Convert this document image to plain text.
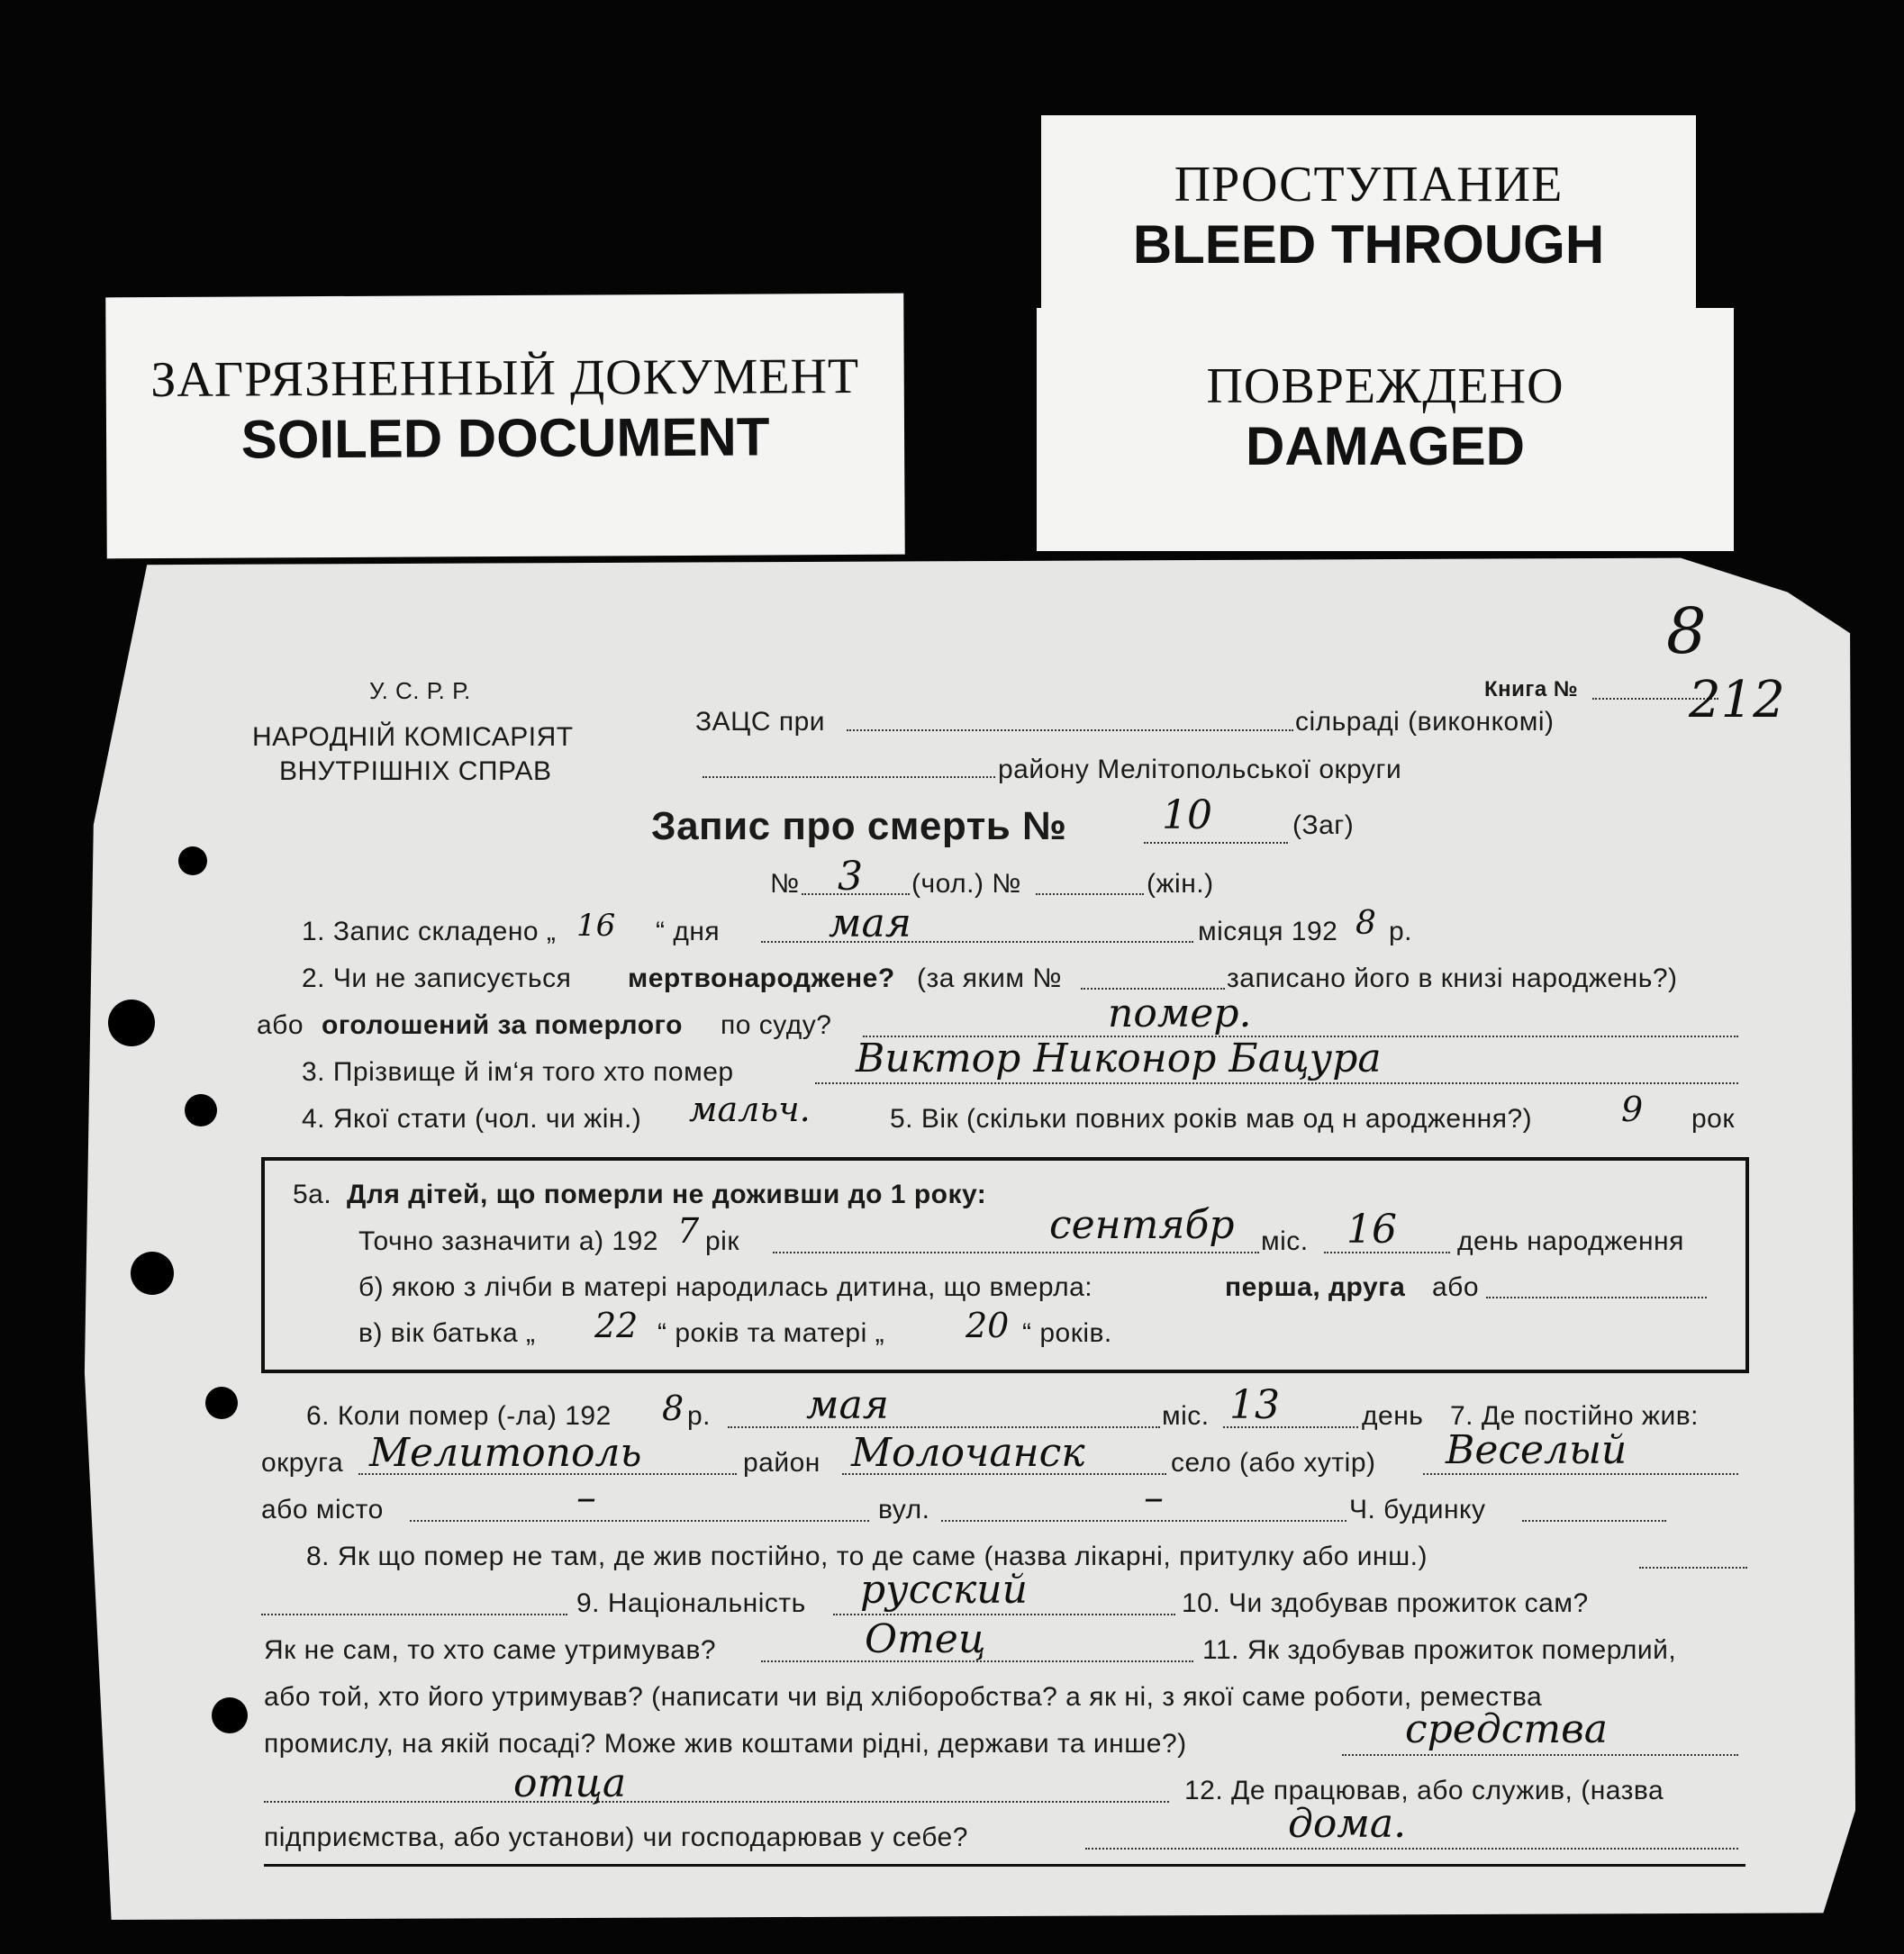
ЗАГРЯЗНЕННЫЙ ДОКУМЕНТ
SOILED DOCUMENT
ПРОСТУПАНИЕ
BLEED THROUGH
ПОВРЕЖДЕНО
DAMAGED
У. С. Р. Р.
НАРОДНІЙ КОМІСАРІЯТ
ВНУТРІШНІХ СПРАВ
ЗАЦС при	сільраді (виконкомі)
району Мелітопольської округи
Книга №
8
212
Запис про смерть № 10	(Заг)
№ 3 (чол.) №	(жін.)
1. Запис складено „ 16 “ дня	мая	місяця 192 8 р.
2. Чи не записується мертвонароджене? (за яким №	записано його в книзі народжень?)
або оголошений за померлого по суду?	помер.
3. Прізвище й ім‘я того хто помер	Виктор Никонор Бацура
4. Якої стати (чол. чи жін.) мальч.	5. Вік (скільки повних років мав од н ародження?)	9 рок
5а. Для дітей, що померли не доживши до 1 року:
Точно зазначити а) 192 7 рік	сентябр міс. 16 день народження
б) якою з лічби в матері народилась дитина, що вмерла:	перша, друга або
в) вік батька „ 22 “ років та матері „ 20 “ років.
6. Коли помер (-ла) 192 8 р. мая	міс. 13	день 7. Де постійно жив:
округа Мелитополь	район Молочанск	село (або хутір) Веселый
або місто	–	вул.	–	Ч. будинку
8. Як що помер не там, де жив постійно, то де саме (назва лікарні, притулку або инш.)
9. Національність русский	10. Чи здобував прожиток сам?
Як не сам, то хто саме утримував?	Отец	11. Як здобував прожиток померлий,
або той, хто його утримував? (написати чи від хліборобства? а як ні, з якої саме роботи, ремества
промислу, на якій посаді? Може жив коштами рідні, держави та инше?)	средства
отца	12. Де працював, або служив, (назва
підприємства, або установи) чи господарював у себе?	дома.
